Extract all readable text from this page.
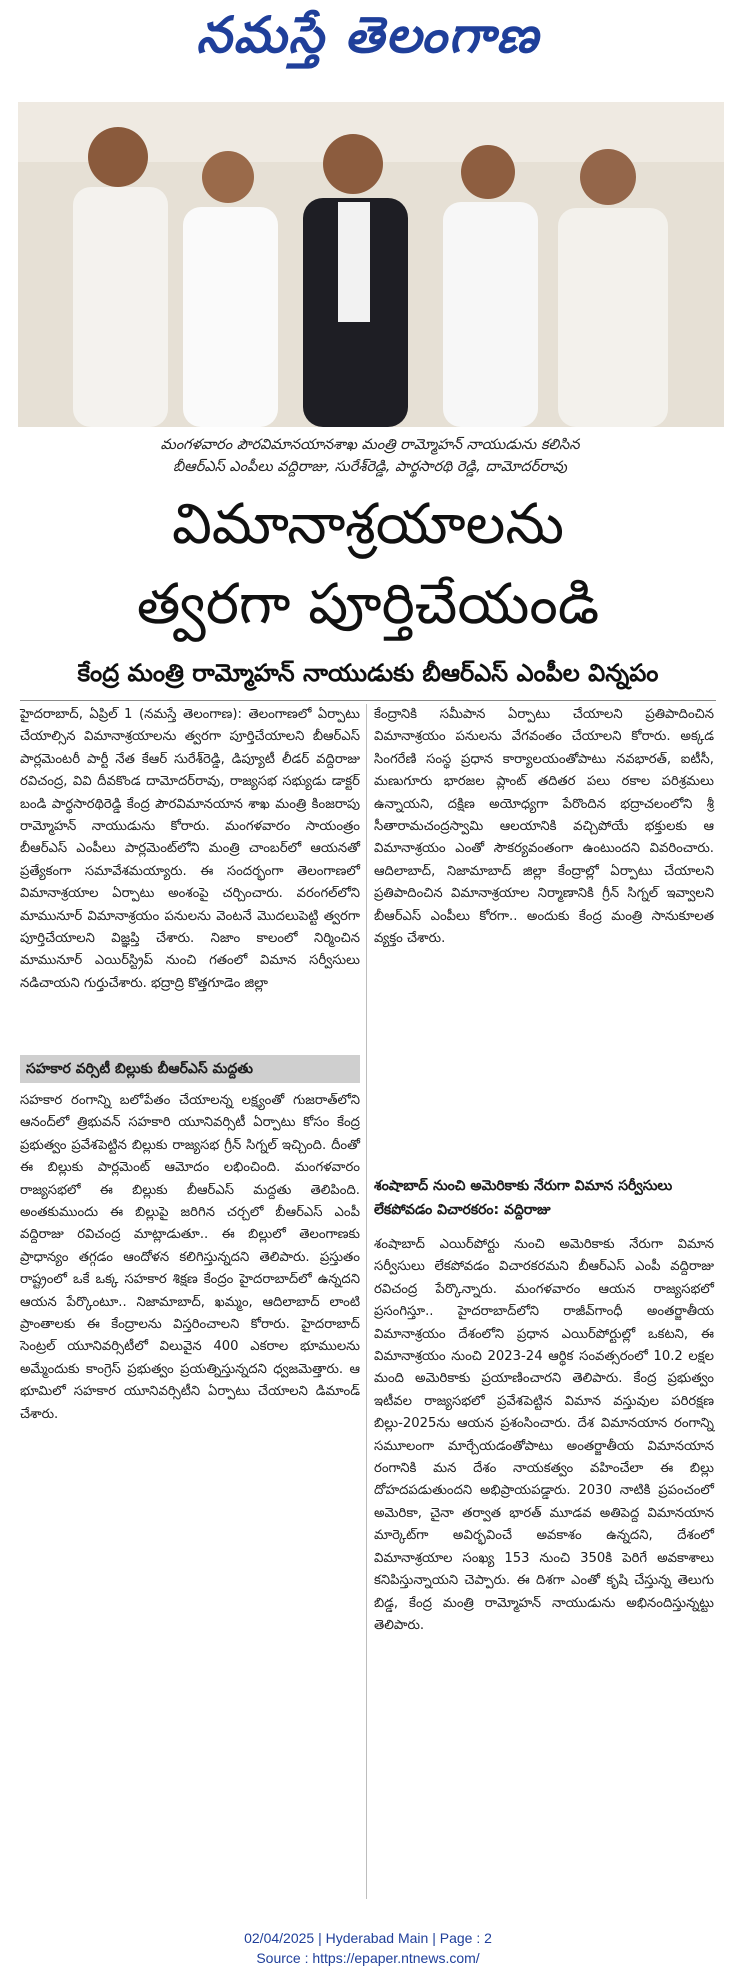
నమస్తే తెలంగాణ
మంగళవారం పౌరవిమానయానశాఖ మంత్రి రామ్మోహన్ నాయుడును కలిసిన
బీఆర్ఎస్ ఎంపీలు వద్దిరాజు, సురేశ్‌రెడ్డి, పార్థసారథి రెడ్డి, దామోదర్‌రావు
విమానాశ్రయాలను
త్వరగా పూర్తిచేయండి
కేంద్ర మంత్రి రామ్మోహన్ నాయుడుకు బీఆర్ఎస్ ఎంపీల విన్నపం

హైదరాబాద్, ఏప్రిల్ 1 (నమస్తే తెలంగాణ): తెలంగాణలో ఏర్పాటు చేయాల్సిన విమానాశ్రయాలను త్వరగా పూర్తిచేయాలని బీఆర్ఎస్ పార్లమెంటరీ పార్టీ నేత కేఆర్ సురేశ్‌రెడ్డి, డిప్యూటీ లీడర్ వద్దిరాజు రవిచంద్ర, వివి దీవకొండ దామోదర్‌రావు, రాజ్యసభ సభ్యుడు డాక్టర్ బండి పార్థసారథిరెడ్డి కేంద్ర పౌరవిమానయాన శాఖ మంత్రి కింజరాపు రామ్మోహన్ నాయుడును కోరారు. మంగళవారం సాయంత్రం బీఆర్ఎస్ ఎంపీలు పార్లమెంట్‌లోని మంత్రి చాంబర్‌లో ఆయనతో ప్రత్యేకంగా సమావేశమయ్యారు. ఈ సందర్భంగా తెలంగాణలో విమానాశ్రయాల ఏర్పాటు అంశంపై చర్చించారు. వరంగల్‌లోని మామునూర్ విమానాశ్రయం పనులను వెంటనే మొదలుపెట్టి త్వరగా పూర్తిచేయాలని విజ్ఞప్తి చేశారు. నిజాం కాలంలో నిర్మించిన మామునూర్ ఎయిర్‌స్ట్రిప్ నుంచి గతంలో విమాన సర్వీసులు నడిచాయని గుర్తుచేశారు. భద్రాద్రి కొత్తగూడెం జిల్లా

కేంద్రానికి సమీపాన ఏర్పాటు చేయాలని ప్రతిపాదించిన విమానాశ్రయం పనులను వేగవంతం చేయాలని కోరారు. అక్కడ సింగరేణి సంస్థ ప్రధాన కార్యాలయంతోపాటు నవభారత్, ఐటీసీ, మణుగూరు భారజల ప్లాంట్ తదితర పలు రకాల పరిశ్రమలు ఉన్నాయని, దక్షిణ అయోధ్యగా పేరొందిన భద్రాచలంలోని శ్రీ సీతారామచంద్రస్వామి ఆలయానికి వచ్చిపోయే భక్తులకు ఆ విమానాశ్రయం ఎంతో సౌకర్యవంతంగా ఉంటుందని వివరించారు. ఆదిలాబాద్, నిజామాబాద్ జిల్లా కేంద్రాల్లో ఏర్పాటు చేయాలని ప్రతిపాదించిన విమానాశ్రయాల నిర్మాణానికి గ్రీన్ సిగ్నల్ ఇవ్వాలని బీఆర్ఎస్ ఎంపీలు కోరగా.. అందుకు కేంద్ర మంత్రి సానుకూలత వ్యక్తం చేశారు.

సహకార వర్సిటీ బిల్లుకు బీఆర్ఎస్ మద్దతు

సహకార రంగాన్ని బలోపేతం చేయాలన్న లక్ష్యంతో గుజరాత్‌లోని ఆనంద్‌లో త్రిభువన్ సహకారి యూనివర్సిటీ ఏర్పాటు కోసం కేంద్ర ప్రభుత్వం ప్రవేశపెట్టిన బిల్లుకు రాజ్యసభ గ్రీన్ సిగ్నల్ ఇచ్చింది. దీంతో ఈ బిల్లుకు పార్లమెంట్ ఆమోదం లభించింది. మంగళవారం రాజ్యసభలో ఈ బిల్లుకు బీఆర్ఎస్ మద్దతు తెలిపింది. అంతకుముందు ఈ బిల్లుపై జరిగిన చర్చలో బీఆర్ఎస్ ఎంపీ వద్దిరాజు రవిచంద్ర మాట్లాడుతూ.. ఈ బిల్లులో తెలంగాణకు ప్రాధాన్యం తగ్గడం ఆందోళన కలిగిస్తున్నదని తెలిపారు. ప్రస్తుతం రాష్ట్రంలో ఒకే ఒక్క సహకార శిక్షణ కేంద్రం హైదరాబాద్‌లో ఉన్నదని ఆయన పేర్కొంటూ.. నిజామాబాద్, ఖమ్మం, ఆదిలాబాద్ లాంటి ప్రాంతాలకు ఈ కేంద్రాలను విస్తరించాలని కోరారు. హైదరాబాద్ సెంట్రల్ యూనివర్సిటీలో విలువైన 400 ఎకరాల భూములను అమ్మేందుకు కాంగ్రెస్ ప్రభుత్వం ప్రయత్నిస్తున్నదని ధ్వజమెత్తారు. ఆ భూమిలో సహకార యూనివర్సిటీని ఏర్పాటు చేయాలని డిమాండ్ చేశారు.

శంషాబాద్ నుంచి అమెరికాకు నేరుగా విమాన సర్వీసులు లేకపోవడం విచారకరం: వద్దిరాజు

శంషాబాద్ ఎయిర్‌పోర్టు నుంచి అమెరికాకు నేరుగా విమాన సర్వీసులు లేకపోవడం విచారకరమని బీఆర్ఎస్ ఎంపీ వద్దిరాజు రవిచంద్ర పేర్కొన్నారు. మంగళవారం ఆయన రాజ్యసభలో ప్రసంగిస్తూ.. హైదరాబాద్‌లోని రాజీవ్‌గాంధీ అంతర్జాతీయ విమానాశ్రయం దేశంలోని ప్రధాన ఎయిర్‌పోర్టుల్లో ఒకటని, ఈ విమానాశ్రయం నుంచి 2023-24 ఆర్థిక సంవత్సరంలో 10.2 లక్షల మంది అమెరికాకు ప్రయాణించారని తెలిపారు. కేంద్ర ప్రభుత్వం ఇటీవల రాజ్యసభలో ప్రవేశపెట్టిన విమాన వస్తువుల పరిరక్షణ బిల్లు-2025ను ఆయన ప్రశంసించారు. దేశ విమానయాన రంగాన్ని సమూలంగా మార్చేయడంతోపాటు అంతర్జాతీయ విమానయాన రంగానికి మన దేశం నాయకత్వం వహించేలా ఈ బిల్లు దోహదపడుతుందని అభిప్రాయపడ్డారు. 2030 నాటికి ప్రపంచంలో అమెరికా, చైనా తర్వాత భారత్ మూడవ అతిపెద్ద విమానయాన మార్కెట్‌గా అవిర్భవించే అవకాశం ఉన్నదని, దేశంలో విమానాశ్రయాల సంఖ్య 153 నుంచి 350కి పెరిగే అవకాశాలు కనిపిస్తున్నాయని చెప్పారు. ఈ దిశగా ఎంతో కృషి చేస్తున్న తెలుగు బిడ్డ, కేంద్ర మంత్రి రామ్మోహన్ నాయుడును అభినందిస్తున్నట్టు తెలిపారు.

02/04/2025 | Hyderabad Main | Page : 2
Source : https://epaper.ntnews.com/
